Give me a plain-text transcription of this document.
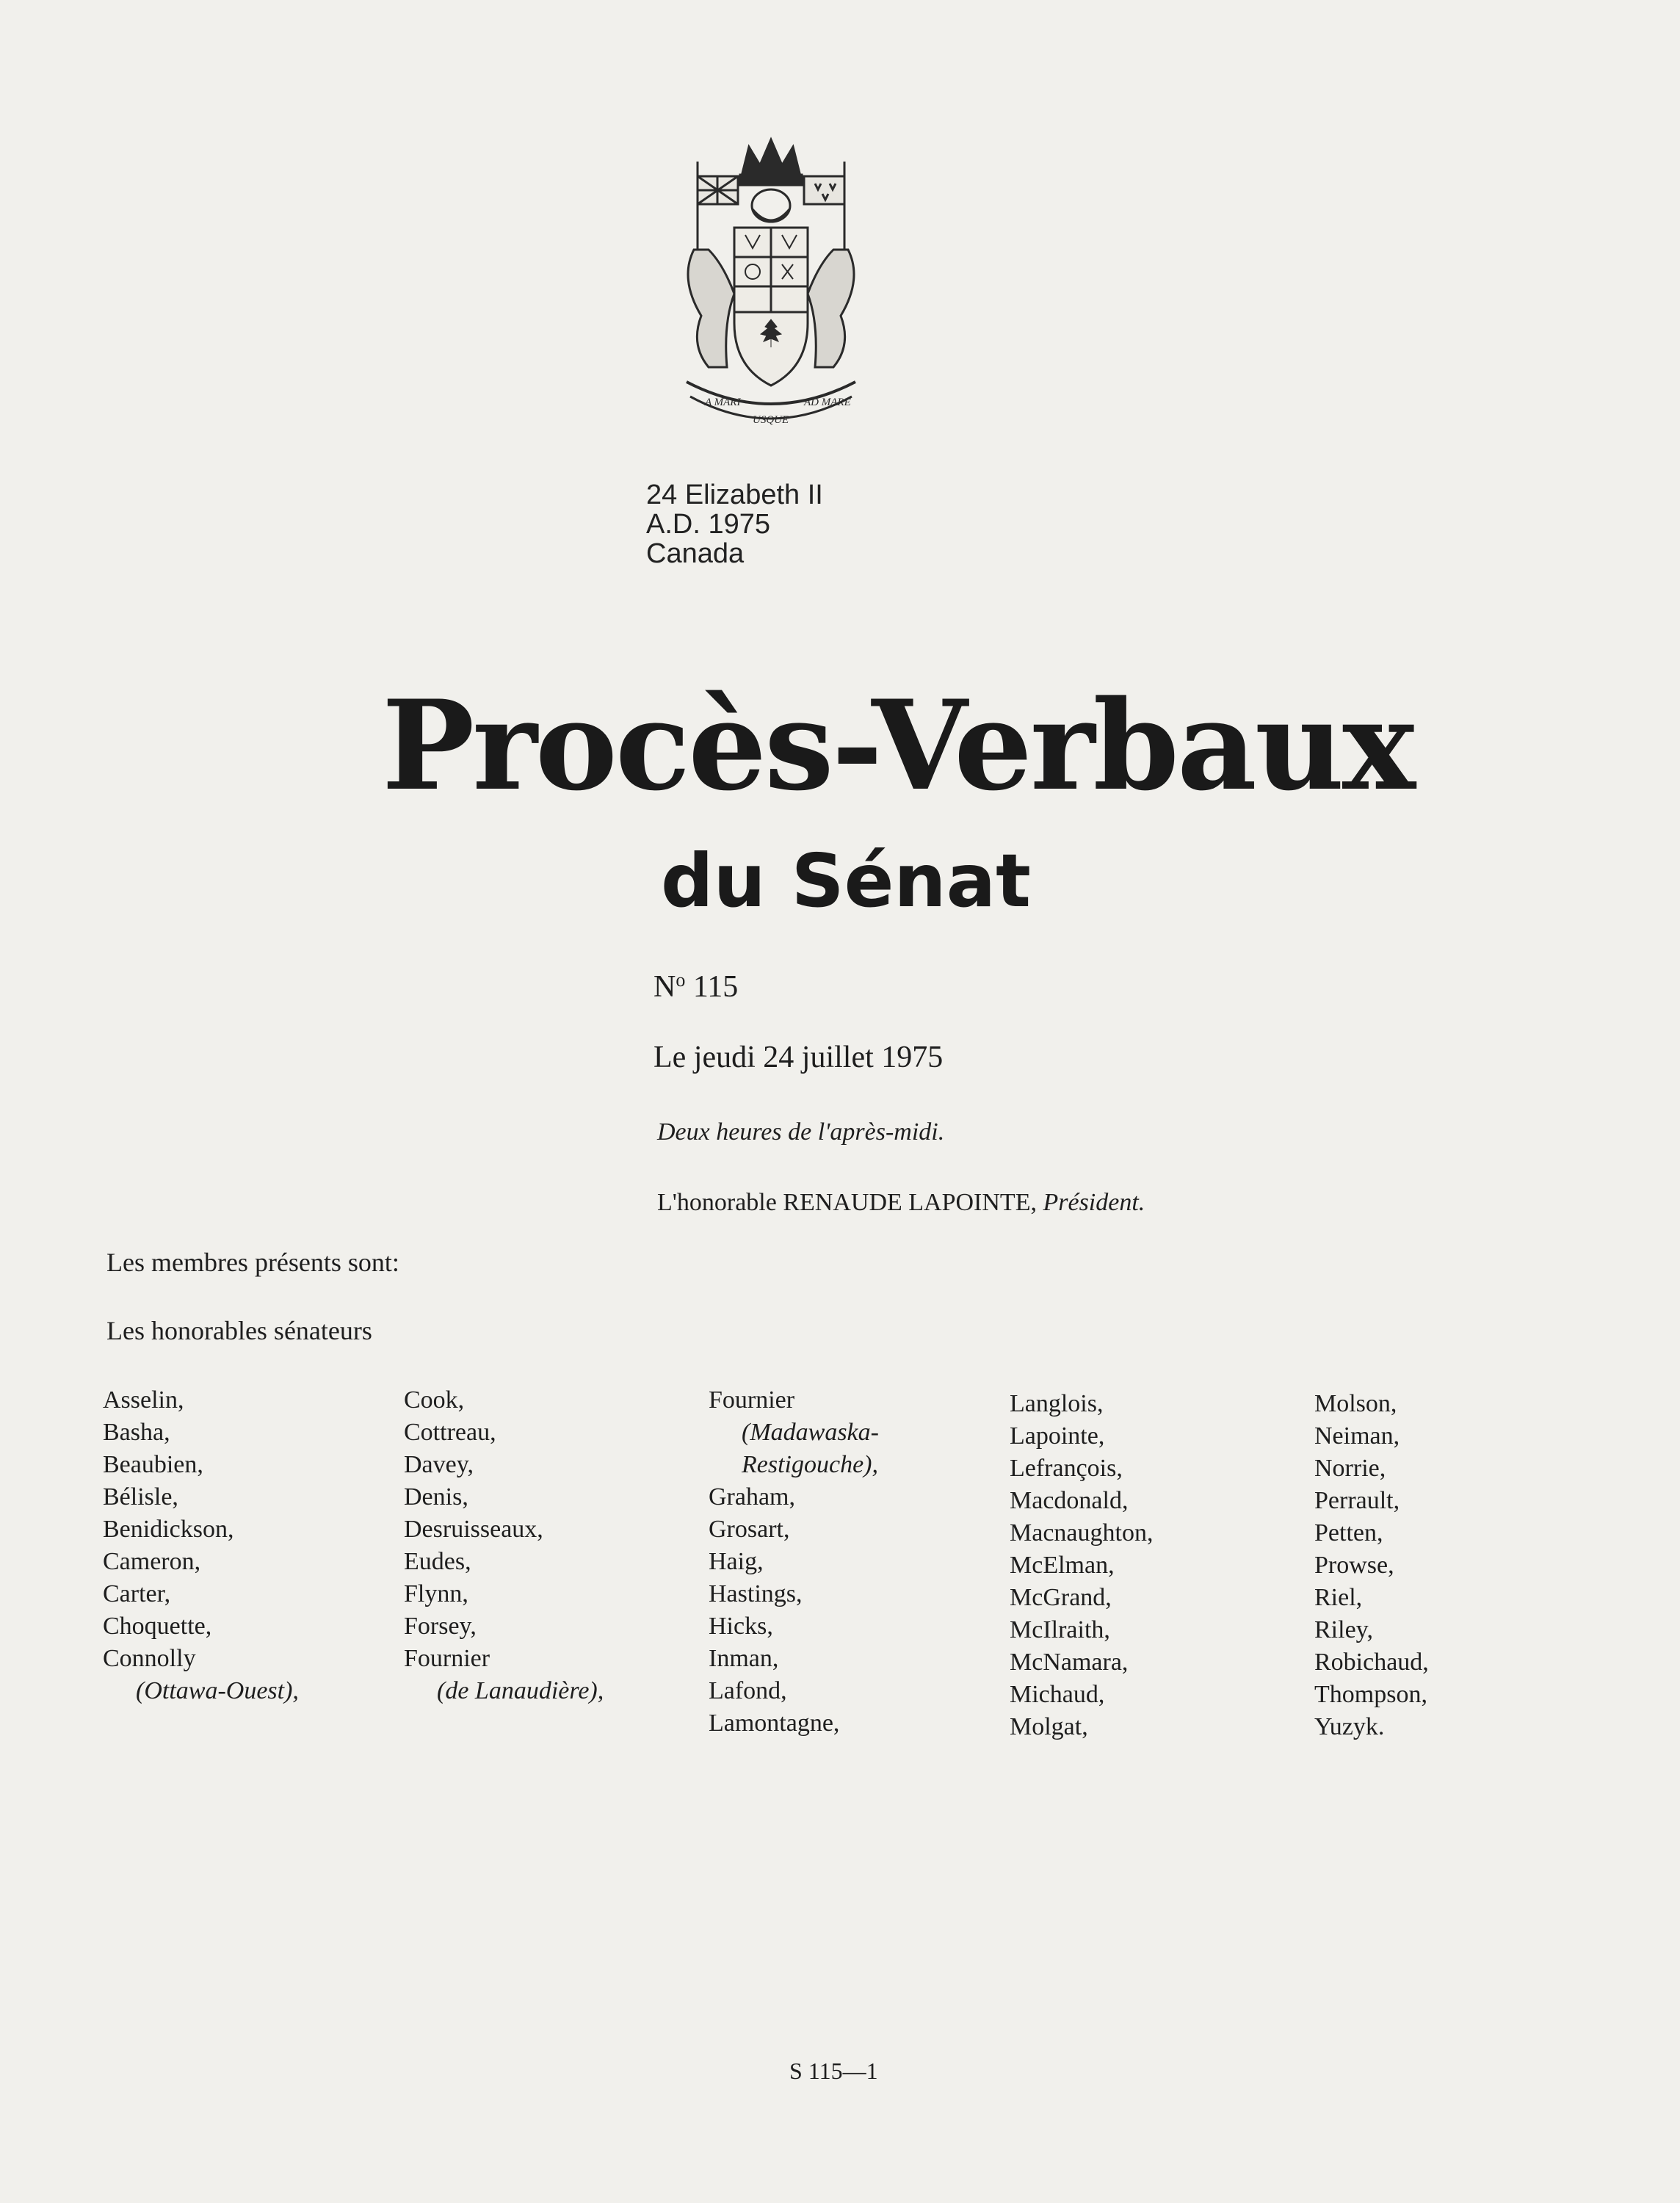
A MARI
USQUE
AD MARE
24 Elizabeth II
A.D. 1975
Canada
Procès-Verbaux
du Sénat
$N^o$ 115
Le jeudi 24 juillet 1975
Deux heures de l'après-midi.
L'honorable RENAUDE LAPOINTE, Président.
Les membres présents sont:
Les honorables sénateurs
Asselin,
Basha,
Beaubien,
Bélisle,
Benidickson,
Cameron,
Carter,
Choquette,
Connolly
(Ottawa-Ouest),
Cook,
Cottreau,
Davey,
Denis,
Desruisseaux,
Eudes,
Flynn,
Forsey,
Fournier
(de Lanaudière),
Fournier
(Madawaska-
Restigouche),
Graham,
Grosart,
Haig,
Hastings,
Hicks,
Inman,
Lafond,
Lamontagne,
Langlois,
Lapointe,
Lefrançois,
Macdonald,
Macnaughton,
McElman,
McGrand,
McIlraith,
McNamara,
Michaud,
Molgat,
Molson,
Neiman,
Norrie,
Perrault,
Petten,
Prowse,
Riel,
Riley,
Robichaud,
Thompson,
Yuzyk.
S 115—1
